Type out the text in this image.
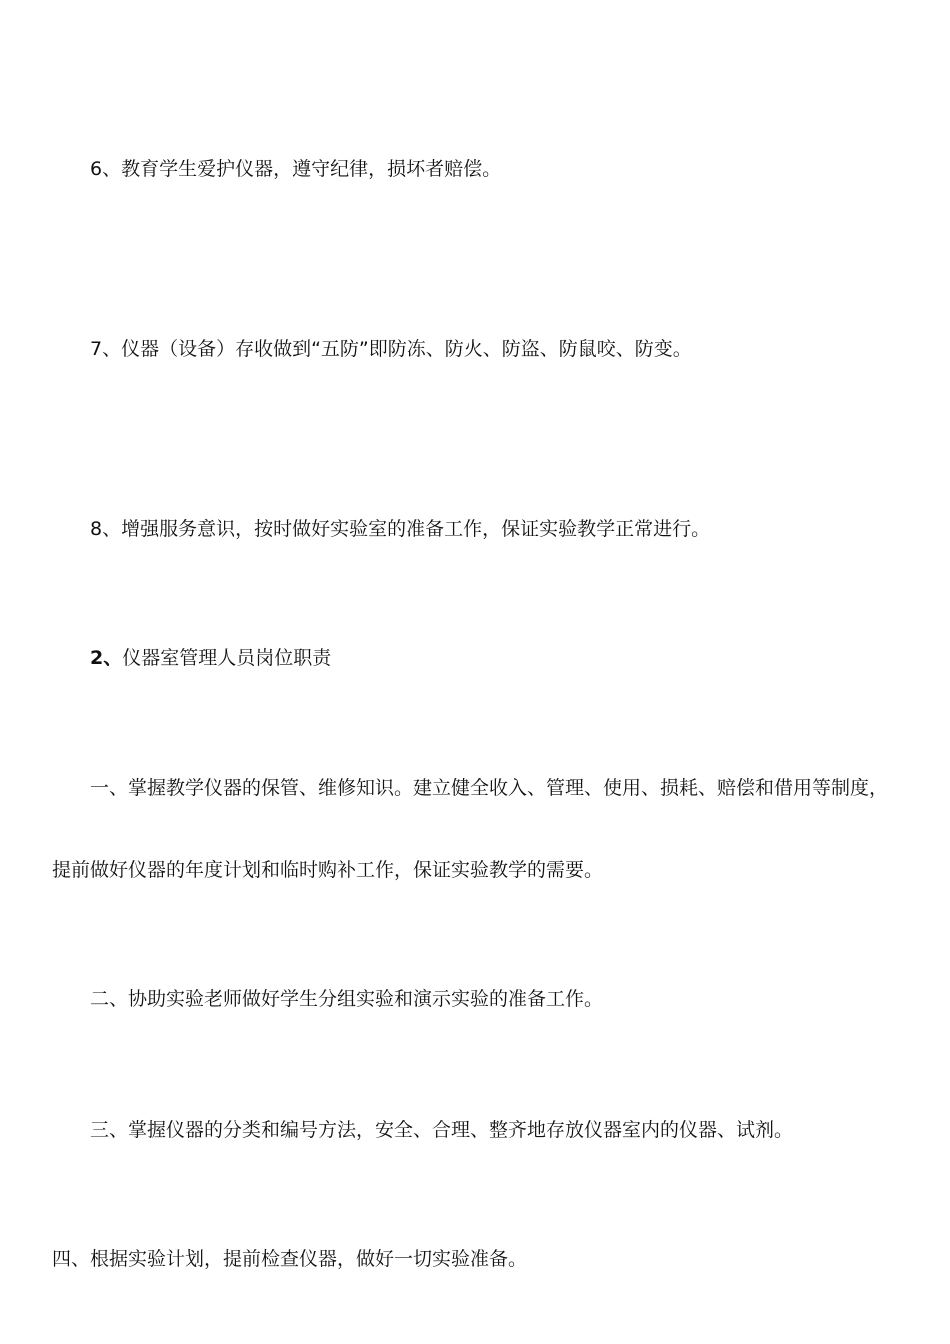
6、教育学生爱护仪器，遵守纪律，损坏者赔偿。
7、仪器（设备）存收做到“五防”即防冻、防火、防盗、防鼠咬、防变。
8、增强服务意识，按时做好实验室的准备工作，保证实验教学正常进行。
2、仪器室管理人员岗位职责
一、掌握教学仪器的保管、维修知识。建立健全收入、管理、使用、损耗、赔偿和借用等制度，
提前做好仪器的年度计划和临时购补工作，保证实验教学的需要。
二、协助实验老师做好学生分组实验和演示实验的准备工作。
三、掌握仪器的分类和编号方法，安全、合理、整齐地存放仪器室内的仪器、试剂。
四、根据实验计划，提前检查仪器，做好一切实验准备。
